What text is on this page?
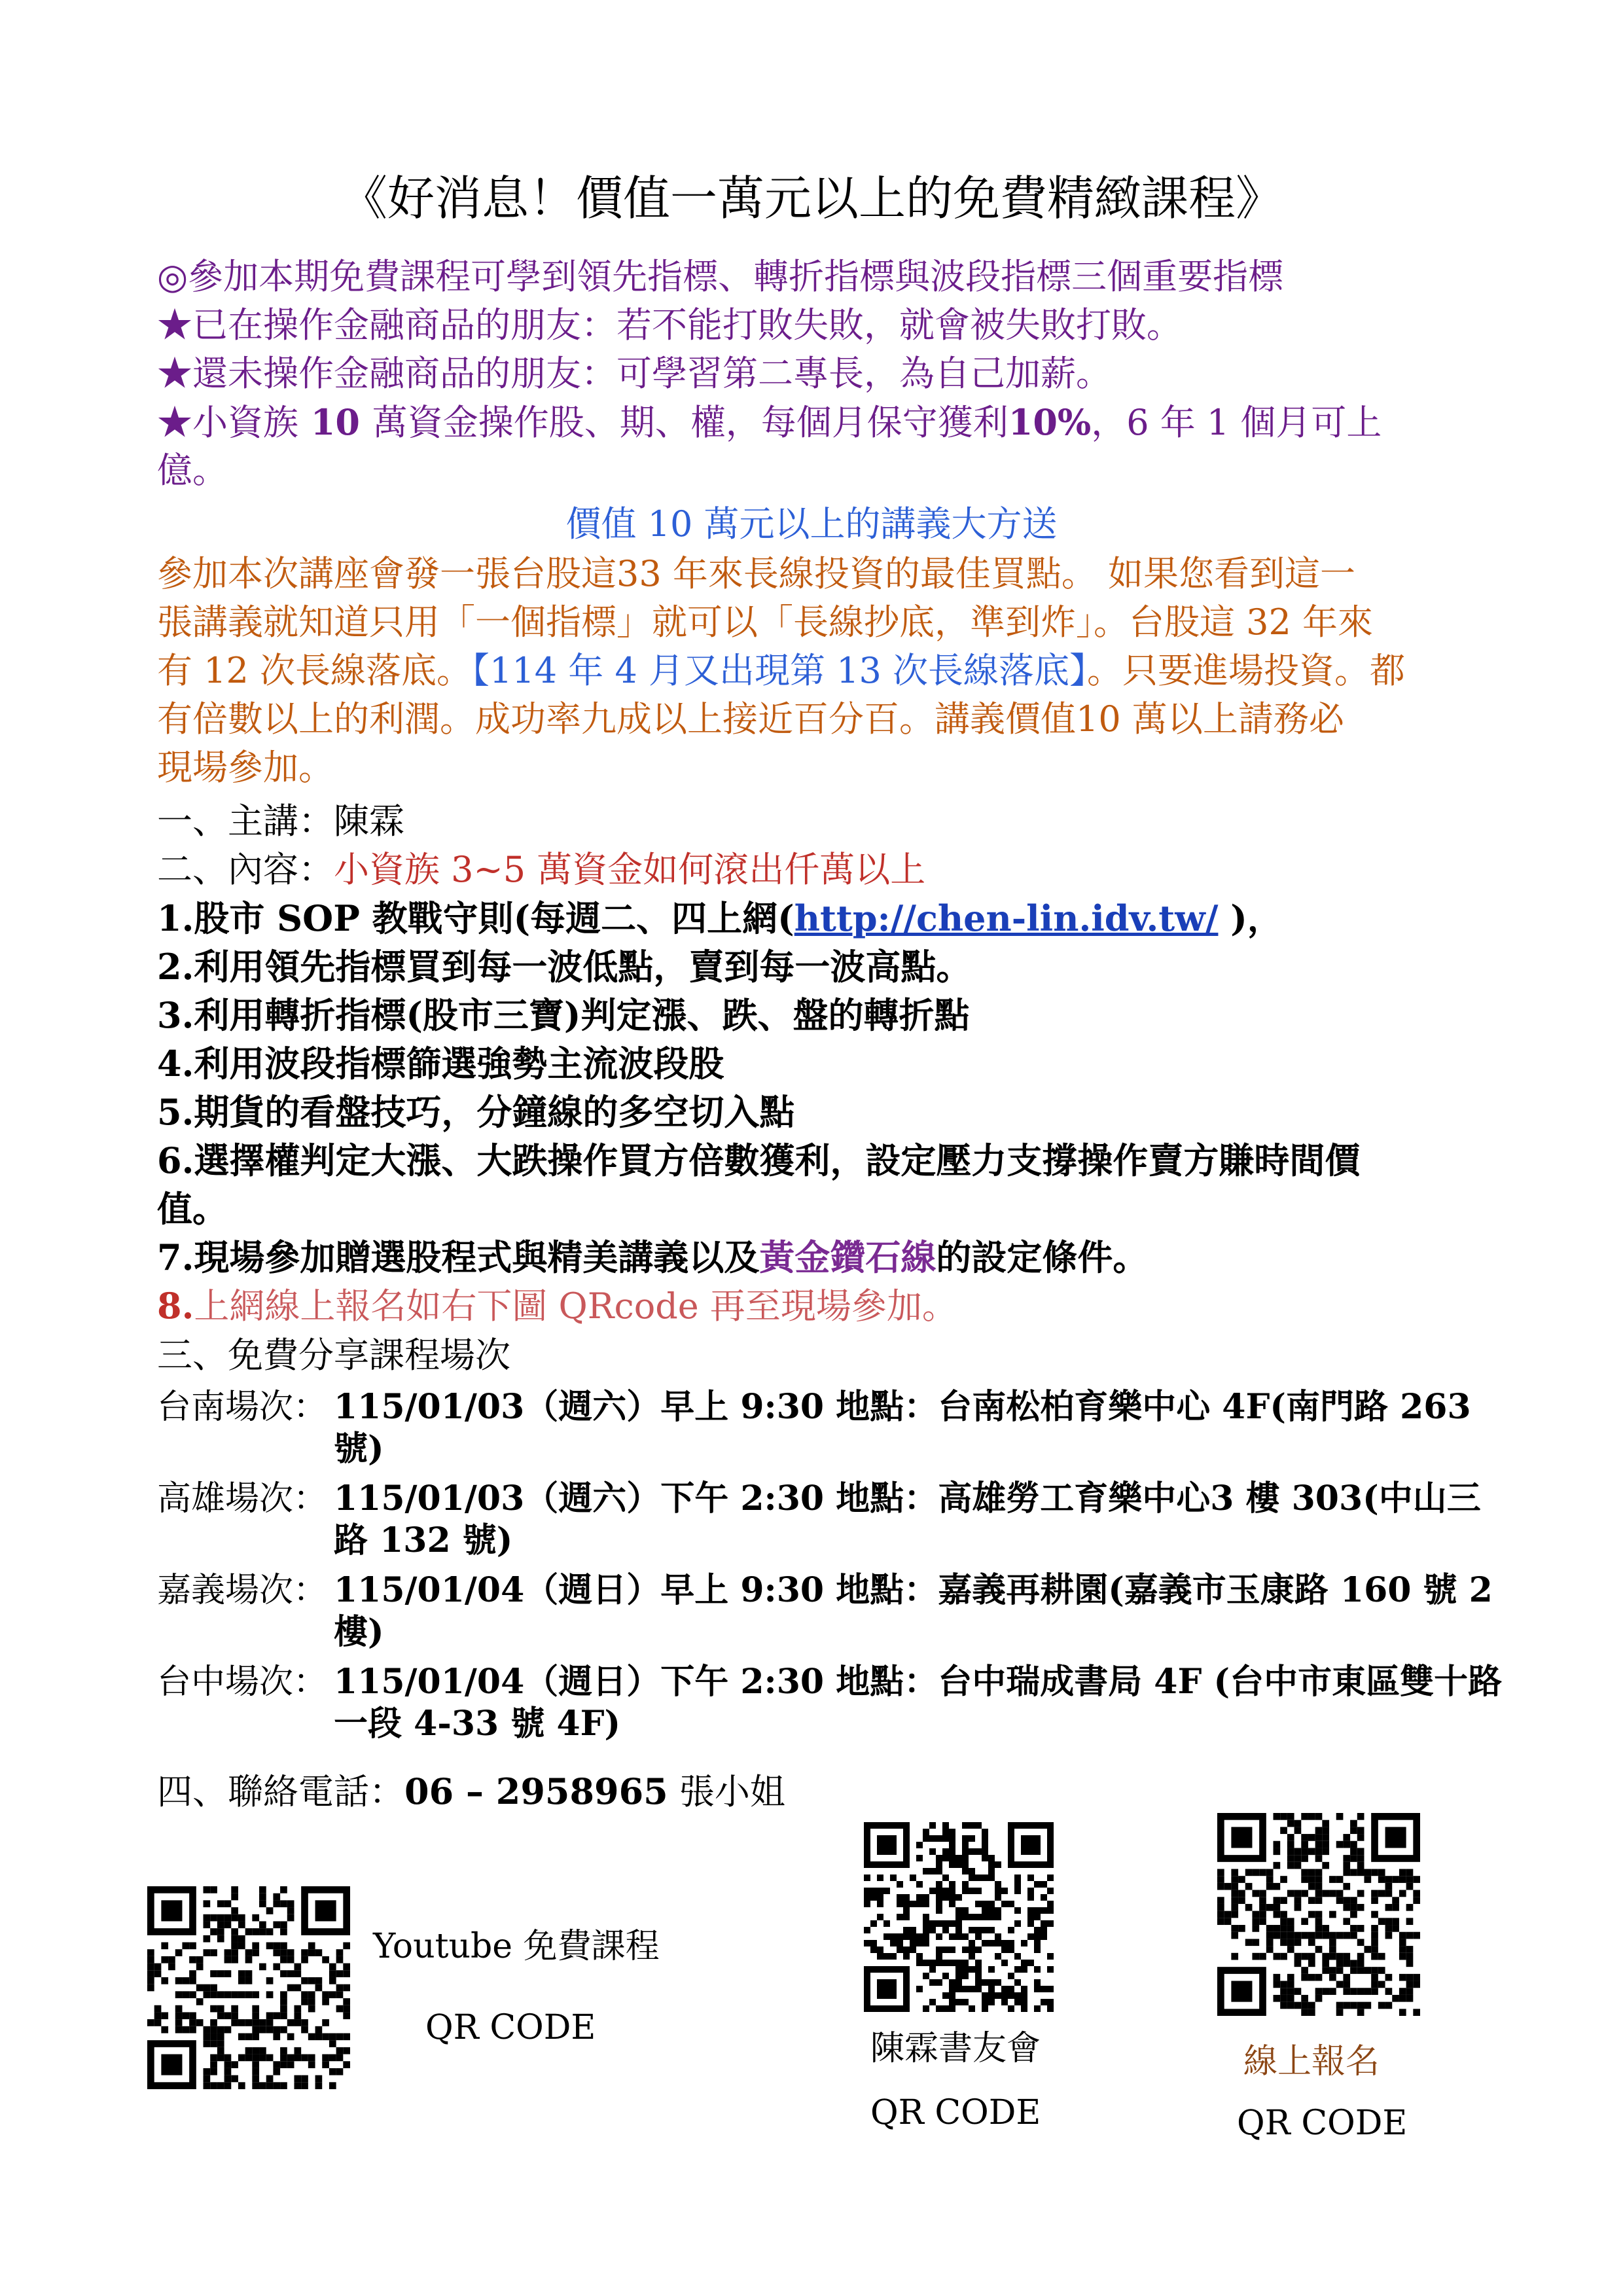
《好消息！價值一萬元以上的免費精緻課程》
◎參加本期免費課程可學到領先指標、轉折指標與波段指標三個重要指標
★已在操作金融商品的朋友：若不能打敗失敗，就會被失敗打敗。
★還未操作金融商品的朋友：可學習第二專長，為自己加薪。
★小資族 10 萬資金操作股、期、權，每個月保守獲利10%，6 年 1 個月可上
億。
價值 10 萬元以上的講義大方送
參加本次講座會發一張台股這33 年來長線投資的最佳買點。 如果您看到這一
張講義就知道只用「一個指標」就可以「長線抄底，準到炸」。台股這 32 年來
有 12 次長線落底。【114 年 4 月又出現第 13 次長線落底】。只要進場投資。都
有倍數以上的利潤。成功率九成以上接近百分百。講義價值10 萬以上請務必
現場參加。
一、主講：陳霖
二、內容：小資族 3~5 萬資金如何滾出仟萬以上
1.股市 SOP 教戰守則(每週二、四上網(http://chen-lin.idv.tw/ )，
2.利用領先指標買到每一波低點，賣到每一波高點。
3.利用轉折指標(股市三寶)判定漲、跌、盤的轉折點
4.利用波段指標篩選強勢主流波段股
5.期貨的看盤技巧，分鐘線的多空切入點
6.選擇權判定大漲、大跌操作買方倍數獲利，設定壓力支撐操作賣方賺時間價
值。
7.現場參加贈選股程式與精美講義以及黃金鑽石線的設定條件。
8.上網線上報名如右下圖 QRcode 再至現場參加。
三、免費分享課程場次
台南場次： 115/01/03（週六）早上 9:30 地點：台南松柏育樂中心 4F(南門路 263 號)
高雄場次： 115/01/03（週六）下午 2:30 地點：高雄勞工育樂中心3 樓 303(中山三路 132 號)
嘉義場次： 115/01/04（週日）早上 9:30 地點：嘉義再耕園(嘉義市玉康路 160 號 2 樓)
台中場次： 115/01/04（週日）下午 2:30 地點：台中瑞成書局 4F (台中市東區雙十路一段 4-33 號 4F)
四、聯絡電話：06 – 2958965 張小姐
Youtube 免費課程
QR CODE
陳霖書友會
QR CODE
線上報名
QR CODE
